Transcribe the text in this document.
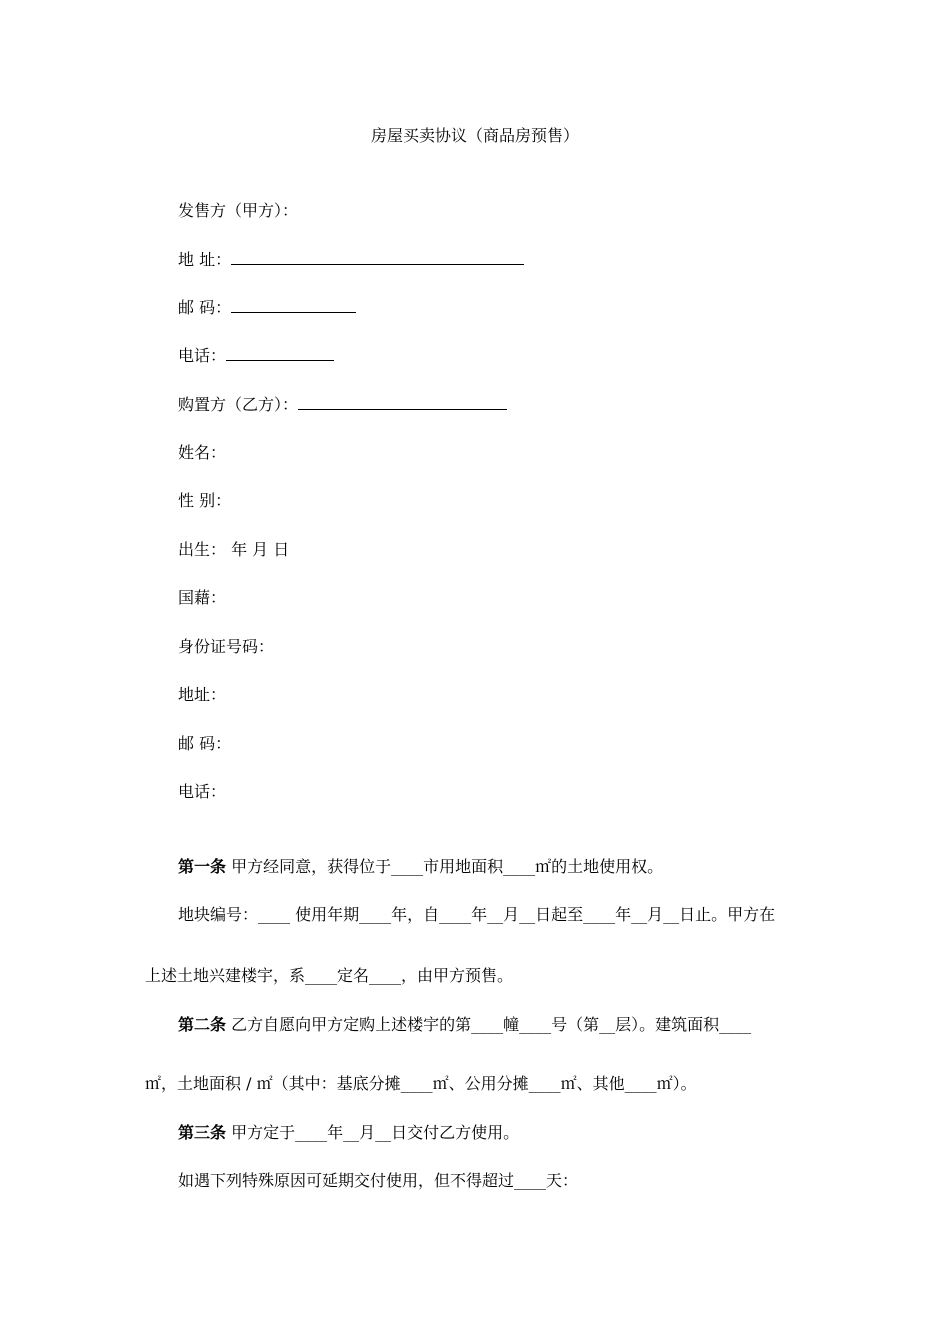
房屋买卖协议（商品房预售）
发售方（甲方）：
地 址：
邮 码：
电话：
购置方（乙方）：
姓名：
性 别：
出生： 年 月 日
国藉：
身份证号码：
地址：
邮 码：
电话：
第一条 甲方经同意，获得位于____市用地面积____㎡的土地使用权。
地块编号：____ 使用年期____年，自____年__月__日起至____年__月__日止。甲方在
上述土地兴建楼宇，系____定名____，由甲方预售。
第二条 乙方自愿向甲方定购上述楼宇的第____幢____号（第__层）。建筑面积____
㎡，土地面积 / ㎡（其中：基底分摊____㎡、公用分摊____㎡、其他____㎡）。
第三条 甲方定于____年__月__日交付乙方使用。
如遇下列特殊原因可延期交付使用，但不得超过____天：
